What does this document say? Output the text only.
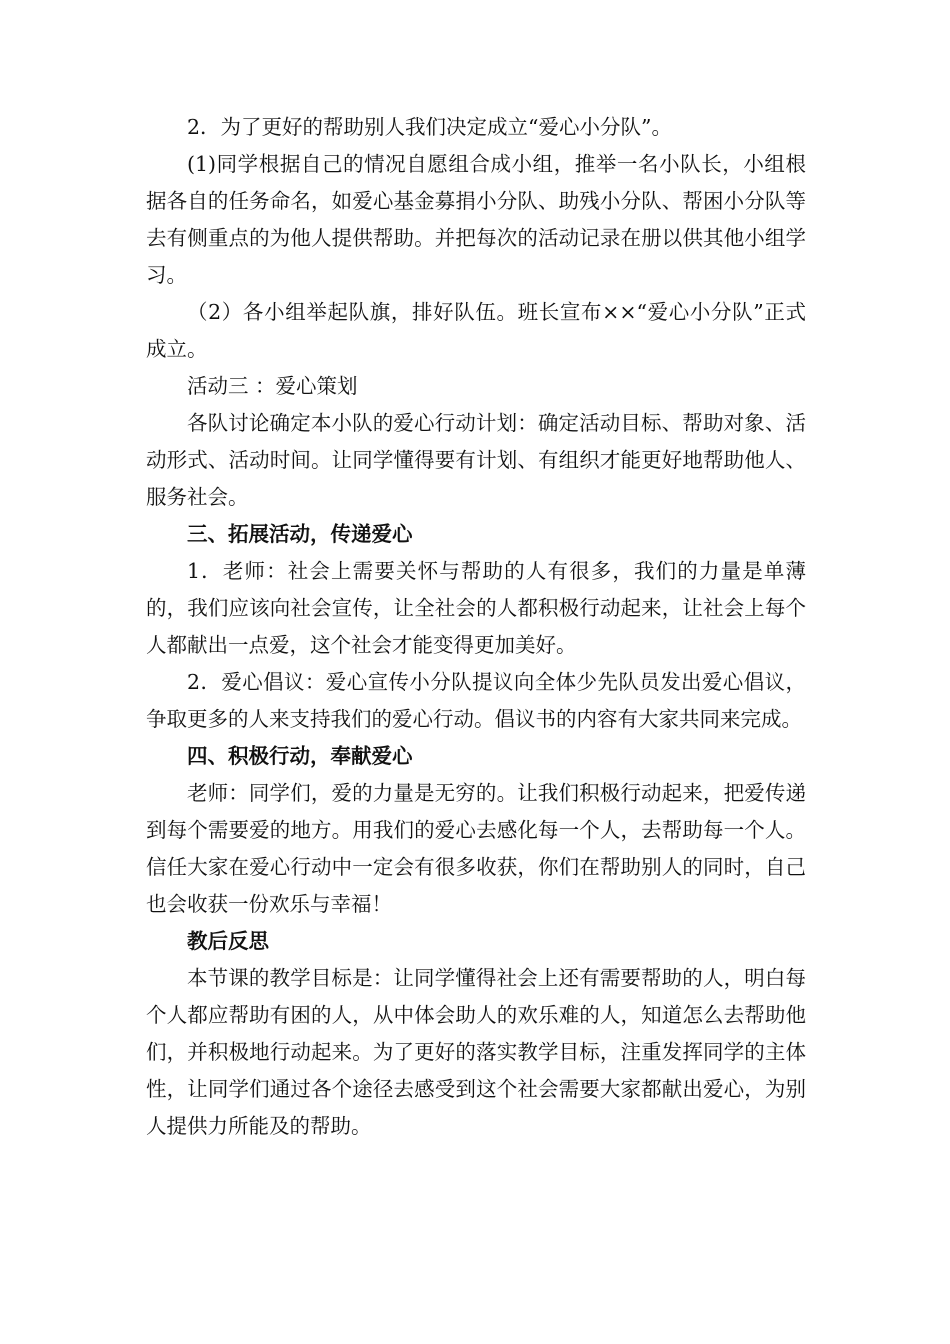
2．为了更好的帮助别人我们决定成立“爱心小分队”。

(1)同学根据自己的情况自愿组合成小组，推举一名小队长，小组根据各自的任务命名，如爱心基金募捐小分队、助残小分队、帮困小分队等去有侧重点的为他人提供帮助。并把每次的活动记录在册以供其他小组学习。

（2）各小组举起队旗，排好队伍。班长宣布××“爱心小分队”正式成立。

活动三 ：爱心策划

各队讨论确定本小队的爱心行动计划：确定活动目标、帮助对象、活动形式、活动时间。让同学懂得要有计划、有组织才能更好地帮助他人、服务社会。

三、拓展活动，传递爱心

1．老师：社会上需要关怀与帮助的人有很多，我们的力量是单薄的，我们应该向社会宣传，让全社会的人都积极行动起来，让社会上每个人都献出一点爱，这个社会才能变得更加美好。

2．爱心倡议：爱心宣传小分队提议向全体少先队员发出爱心倡议，争取更多的人来支持我们的爱心行动。倡议书的内容有大家共同来完成。

四、积极行动，奉献爱心

老师：同学们，爱的力量是无穷的。让我们积极行动起来，把爱传递到每个需要爱的地方。用我们的爱心去感化每一个人，去帮助每一个人。信任大家在爱心行动中一定会有很多收获，你们在帮助别人的同时，自己也会收获一份欢乐与幸福！

教后反思

本节课的教学目标是：让同学懂得社会上还有需要帮助的人，明白每个人都应帮助有困的人，从中体会助人的欢乐难的人，知道怎么去帮助他们，并积极地行动起来。为了更好的落实教学目标，注重发挥同学的主体性，让同学们通过各个途径去感受到这个社会需要大家都献出爱心，为别人提供力所能及的帮助。
